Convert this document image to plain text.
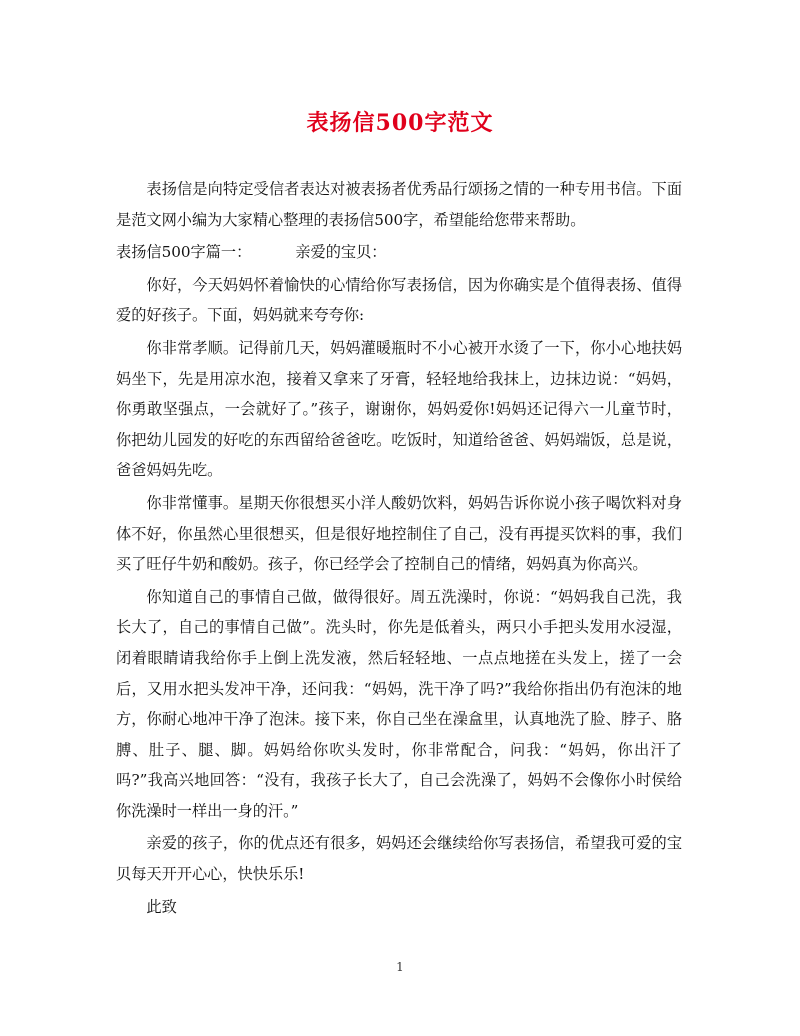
表扬信500字范文

表扬信是向特定受信者表达对被表扬者优秀品行颂扬之情的一种专用书信。下面是范文网小编为大家精心整理的表扬信500字，希望能给您带来帮助。

表扬信500字篇一：	亲爱的宝贝：

你好，今天妈妈怀着愉快的心情给你写表扬信，因为你确实是个值得表扬、值得爱的好孩子。下面，妈妈就来夸夸你:

你非常孝顺。记得前几天，妈妈灌暖瓶时不小心被开水烫了一下，你小心地扶妈妈坐下，先是用凉水泡，接着又拿来了牙膏，轻轻地给我抹上，边抹边说：“妈妈，你勇敢坚强点，一会就好了。”孩子，谢谢你，妈妈爱你!妈妈还记得六一儿童节时，你把幼儿园发的好吃的东西留给爸爸吃。吃饭时，知道给爸爸、妈妈端饭，总是说，爸爸妈妈先吃。

你非常懂事。星期天你很想买小洋人酸奶饮料，妈妈告诉你说小孩子喝饮料对身体不好，你虽然心里很想买，但是很好地控制住了自己，没有再提买饮料的事，我们买了旺仔牛奶和酸奶。孩子，你已经学会了控制自己的情绪，妈妈真为你高兴。

你知道自己的事情自己做，做得很好。周五洗澡时，你说：“妈妈我自己洗，我长大了，自己的事情自己做”。洗头时，你先是低着头，两只小手把头发用水浸湿，闭着眼睛请我给你手上倒上洗发液，然后轻轻地、一点点地搓在头发上，搓了一会后，又用水把头发冲干净，还问我：“妈妈，洗干净了吗?”我给你指出仍有泡沫的地方，你耐心地冲干净了泡沫。接下来，你自己坐在澡盒里，认真地洗了脸、脖子、胳膊、肚子、腿、脚。妈妈给你吹头发时，你非常配合，问我：“妈妈，你出汗了吗?”我高兴地回答：“没有，我孩子长大了，自己会洗澡了，妈妈不会像你小时侯给你洗澡时一样出一身的汗。”

亲爱的孩子，你的优点还有很多，妈妈还会继续给你写表扬信，希望我可爱的宝贝每天开开心心，快快乐乐!

此致

1
